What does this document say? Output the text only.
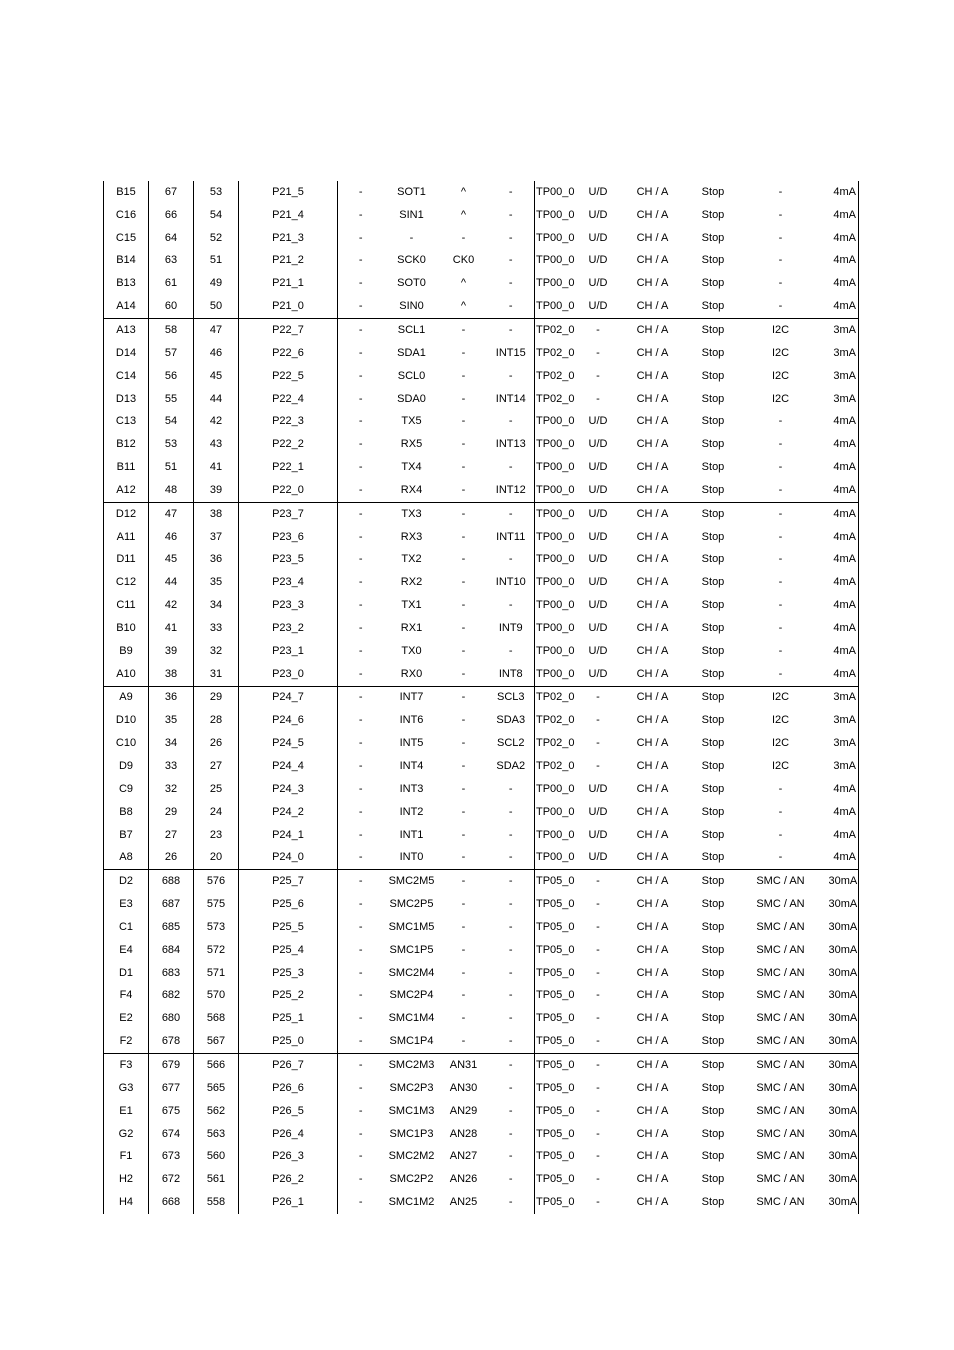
B15	67	53	P21_5	-	SOT1	^	-	TP00_0	U/D	CH / A	Stop	-	4mA
C16	66	54	P21_4	-	SIN1	^	-	TP00_0	U/D	CH / A	Stop	-	4mA
C15	64	52	P21_3	-	-	-	-	TP00_0	U/D	CH / A	Stop	-	4mA
B14	63	51	P21_2	-	SCK0	CK0	-	TP00_0	U/D	CH / A	Stop	-	4mA
B13	61	49	P21_1	-	SOT0	^	-	TP00_0	U/D	CH / A	Stop	-	4mA
A14	60	50	P21_0	-	SIN0	^	-	TP00_0	U/D	CH / A	Stop	-	4mA
A13	58	47	P22_7	-	SCL1	-	-	TP02_0	-	CH / A	Stop	I2C	3mA
D14	57	46	P22_6	-	SDA1	-	INT15	TP02_0	-	CH / A	Stop	I2C	3mA
C14	56	45	P22_5	-	SCL0	-	-	TP02_0	-	CH / A	Stop	I2C	3mA
D13	55	44	P22_4	-	SDA0	-	INT14	TP02_0	-	CH / A	Stop	I2C	3mA
C13	54	42	P22_3	-	TX5	-	-	TP00_0	U/D	CH / A	Stop	-	4mA
B12	53	43	P22_2	-	RX5	-	INT13	TP00_0	U/D	CH / A	Stop	-	4mA
B11	51	41	P22_1	-	TX4	-	-	TP00_0	U/D	CH / A	Stop	-	4mA
A12	48	39	P22_0	-	RX4	-	INT12	TP00_0	U/D	CH / A	Stop	-	4mA
D12	47	38	P23_7	-	TX3	-	-	TP00_0	U/D	CH / A	Stop	-	4mA
A11	46	37	P23_6	-	RX3	-	INT11	TP00_0	U/D	CH / A	Stop	-	4mA
D11	45	36	P23_5	-	TX2	-	-	TP00_0	U/D	CH / A	Stop	-	4mA
C12	44	35	P23_4	-	RX2	-	INT10	TP00_0	U/D	CH / A	Stop	-	4mA
C11	42	34	P23_3	-	TX1	-	-	TP00_0	U/D	CH / A	Stop	-	4mA
B10	41	33	P23_2	-	RX1	-	INT9	TP00_0	U/D	CH / A	Stop	-	4mA
B9	39	32	P23_1	-	TX0	-	-	TP00_0	U/D	CH / A	Stop	-	4mA
A10	38	31	P23_0	-	RX0	-	INT8	TP00_0	U/D	CH / A	Stop	-	4mA
A9	36	29	P24_7	-	INT7	-	SCL3	TP02_0	-	CH / A	Stop	I2C	3mA
D10	35	28	P24_6	-	INT6	-	SDA3	TP02_0	-	CH / A	Stop	I2C	3mA
C10	34	26	P24_5	-	INT5	-	SCL2	TP02_0	-	CH / A	Stop	I2C	3mA
D9	33	27	P24_4	-	INT4	-	SDA2	TP02_0	-	CH / A	Stop	I2C	3mA
C9	32	25	P24_3	-	INT3	-	-	TP00_0	U/D	CH / A	Stop	-	4mA
B8	29	24	P24_2	-	INT2	-	-	TP00_0	U/D	CH / A	Stop	-	4mA
B7	27	23	P24_1	-	INT1	-	-	TP00_0	U/D	CH / A	Stop	-	4mA
A8	26	20	P24_0	-	INT0	-	-	TP00_0	U/D	CH / A	Stop	-	4mA
D2	688	576	P25_7	-	SMC2M5	-	-	TP05_0	-	CH / A	Stop	SMC / AN	30mA
E3	687	575	P25_6	-	SMC2P5	-	-	TP05_0	-	CH / A	Stop	SMC / AN	30mA
C1	685	573	P25_5	-	SMC1M5	-	-	TP05_0	-	CH / A	Stop	SMC / AN	30mA
E4	684	572	P25_4	-	SMC1P5	-	-	TP05_0	-	CH / A	Stop	SMC / AN	30mA
D1	683	571	P25_3	-	SMC2M4	-	-	TP05_0	-	CH / A	Stop	SMC / AN	30mA
F4	682	570	P25_2	-	SMC2P4	-	-	TP05_0	-	CH / A	Stop	SMC / AN	30mA
E2	680	568	P25_1	-	SMC1M4	-	-	TP05_0	-	CH / A	Stop	SMC / AN	30mA
F2	678	567	P25_0	-	SMC1P4	-	-	TP05_0	-	CH / A	Stop	SMC / AN	30mA
F3	679	566	P26_7	-	SMC2M3	AN31	-	TP05_0	-	CH / A	Stop	SMC / AN	30mA
G3	677	565	P26_6	-	SMC2P3	AN30	-	TP05_0	-	CH / A	Stop	SMC / AN	30mA
E1	675	562	P26_5	-	SMC1M3	AN29	-	TP05_0	-	CH / A	Stop	SMC / AN	30mA
G2	674	563	P26_4	-	SMC1P3	AN28	-	TP05_0	-	CH / A	Stop	SMC / AN	30mA
F1	673	560	P26_3	-	SMC2M2	AN27	-	TP05_0	-	CH / A	Stop	SMC / AN	30mA
H2	672	561	P26_2	-	SMC2P2	AN26	-	TP05_0	-	CH / A	Stop	SMC / AN	30mA
H4	668	558	P26_1	-	SMC1M2	AN25	-	TP05_0	-	CH / A	Stop	SMC / AN	30mA
